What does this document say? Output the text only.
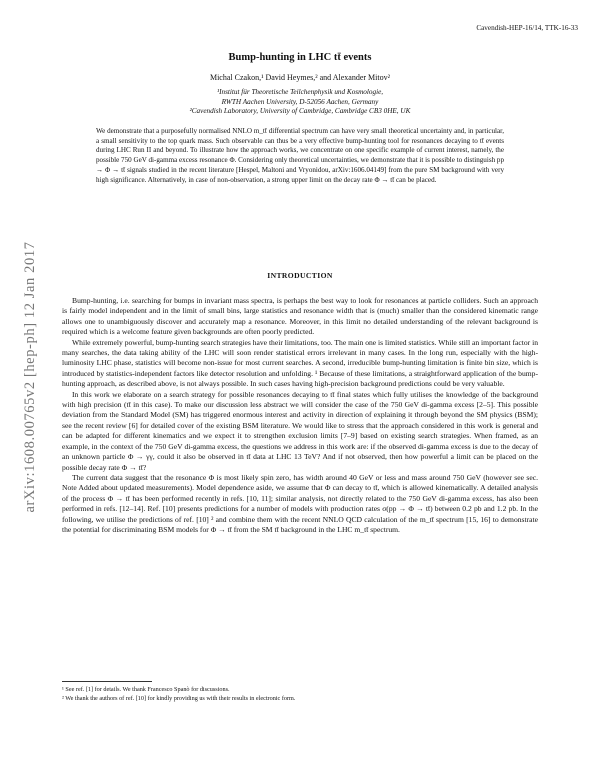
Cavendish-HEP-16/14, TTK-16-33
arXiv:1608.00765v2 [hep-ph] 12 Jan 2017
Bump-hunting in LHC tt̄ events
Michal Czakon,¹ David Heymes,² and Alexander Mitov²
¹Institut für Theoretische Teilchenphysik und Kosmologie,
RWTH Aachen University, D-52056 Aachen, Germany
²Cavendish Laboratory, University of Cambridge, Cambridge CB3 0HE, UK

We demonstrate that a purposefully normalised NNLO m_tt̄ differential spectrum can have very small theoretical uncertainty and, in particular, a small sensitivity to the top quark mass. Such observable can thus be a very effective bump-hunting tool for resonances decaying to tt̄ events during LHC Run II and beyond. To illustrate how the approach works, we concentrate on one specific example of current interest, namely, the possible 750 GeV di-gamma excess resonance Φ. Considering only theoretical uncertainties, we demonstrate that it is possible to distinguish pp → Φ → tt̄ signals studied in the recent literature [Hespel, Maltoni and Vryonidou, arXiv:1606.04149] from the pure SM background with very high significance. Alternatively, in case of non-observation, a strong upper limit on the decay rate Φ → tt̄ can be placed.

INTRODUCTION

Bump-hunting, i.e. searching for bumps in invariant mass spectra, is perhaps the best way to look for resonances at particle colliders. Such an approach is fairly model independent and in the limit of small bins, large statistics and resonance width that is (much) smaller than the considered kinematic range allows one to unambiguously discover and accurately map a resonance. Moreover, in this limit no detailed understanding of the relevant background is required which is a welcome feature given backgrounds are often poorly predicted.

While extremely powerful, bump-hunting search strategies have their limitations, too. The main one is limited statistics. While still an important factor in many searches, the data taking ability of the LHC will soon render statistical errors irrelevant in many cases. In the long run, especially with the high-luminosity LHC phase, statistics will become non-issue for most current searches. A second, irreducible bump-hunting limitation is finite bin size, which is introduced by statistics-independent factors like detector resolution and unfolding. ¹ Because of these limitations, a straightforward application of the bump-hunting approach, as described above, is not always possible. In such cases having high-precision background predictions could be very valuable.

In this work we elaborate on a search strategy for possible resonances decaying to tt̄ final states which fully utilises the knowledge of the background with high precision (tt̄ in this case). To make our discussion less abstract we will consider the case of the 750 GeV di-gamma excess [2–5]. This possible deviation from the Standard Model (SM) has triggered enormous interest and activity in direction of explaining it through beyond the SM physics (BSM); see the recent review [6] for detailed cover of the existing BSM literature. We would like to stress that the approach considered in this work is general and can be adapted for different kinematics and we expect it to strengthen exclusion limits [7–9] based on existing search strategies. When framed, as an example, in the context of the 750 GeV di-gamma excess, the questions we address in this work are: if the observed di-gamma excess is due to the decay of an unknown particle Φ → γγ, could it also be observed in tt̄ data at LHC 13 TeV? And if not observed, then how powerful a limit can be placed on the possible decay rate Φ → tt̄?

The current data suggest that the resonance Φ is most likely spin zero, has width around 40 GeV or less and mass around 750 GeV (however see sec. Note Added about updated measurements). Model dependence aside, we assume that Φ can decay to tt̄, which is allowed kinematically. A detailed analysis of the process Φ → tt̄ has been performed recently in refs. [10, 11]; similar analysis, not directly related to the 750 GeV di-gamma excess, has also been performed in refs. [12–14]. Ref. [10] presents predictions for a number of models with production rates σ(pp → Φ → tt̄) between 0.2 pb and 1.2 pb. In the following, we utilise the predictions of ref. [10] ² and combine them with the recent NNLO QCD calculation of the m_tt̄ spectrum [15, 16] to demonstrate the potential for discriminating BSM models for Φ → tt̄ from the SM tt̄ background in the LHC m_tt̄ spectrum.

¹ See ref. [1] for details. We thank Francesco Spanò for discussions.
² We thank the authors of ref. [10] for kindly providing us with their results in electronic form.
